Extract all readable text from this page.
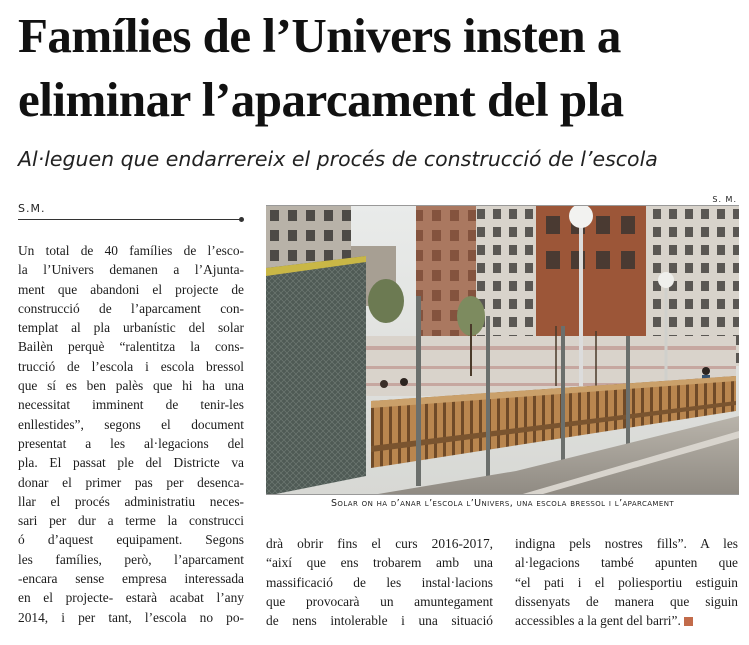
Famílies de l’Univers insten a
eliminar l’aparcament del pla
Al·leguen que endarrereix el procés de construcció de l’escola
S.M.
Un total de 40 famílies de l’esco-
la l’Univers demanen a l’Ajunta-
ment que abandoni el projecte de
construcció de l’aparcament con-
templat al pla urbanístic del solar
Bailèn perquè “ralentitza la cons-
trucció de l’escola i escola bressol
que sí es ben palès que hi ha una
necessitat imminent de tenir-les
enllestides”, segons el document
presentat a les al·legacions del
pla. El passat ple del Districte va
donar el primer pas per desenca-
llar el procés administratiu neces-
sari per dur a terme la construcci
ó d’aquest equipament. Segons
les famílies, però, l’aparcament
-encara sense empresa interessada
en el projecte- estarà acabat l’any
2014, i per tant, l’escola no po-
S. M.
Solar on ha d’anar l’escola l’Univers, una escola bressol i l’aparcament
drà obrir fins el curs 2016-2017,
“així que ens trobarem amb una
massificació de les instal·lacions
que provocarà un amuntegament
de nens intolerable i una situació
indigna pels nostres fills”. A les
al·legacions també apunten que
“el pati i el poliesportiu estiguin
dissenyats de manera que siguin
accessibles a la gent del barri”.
